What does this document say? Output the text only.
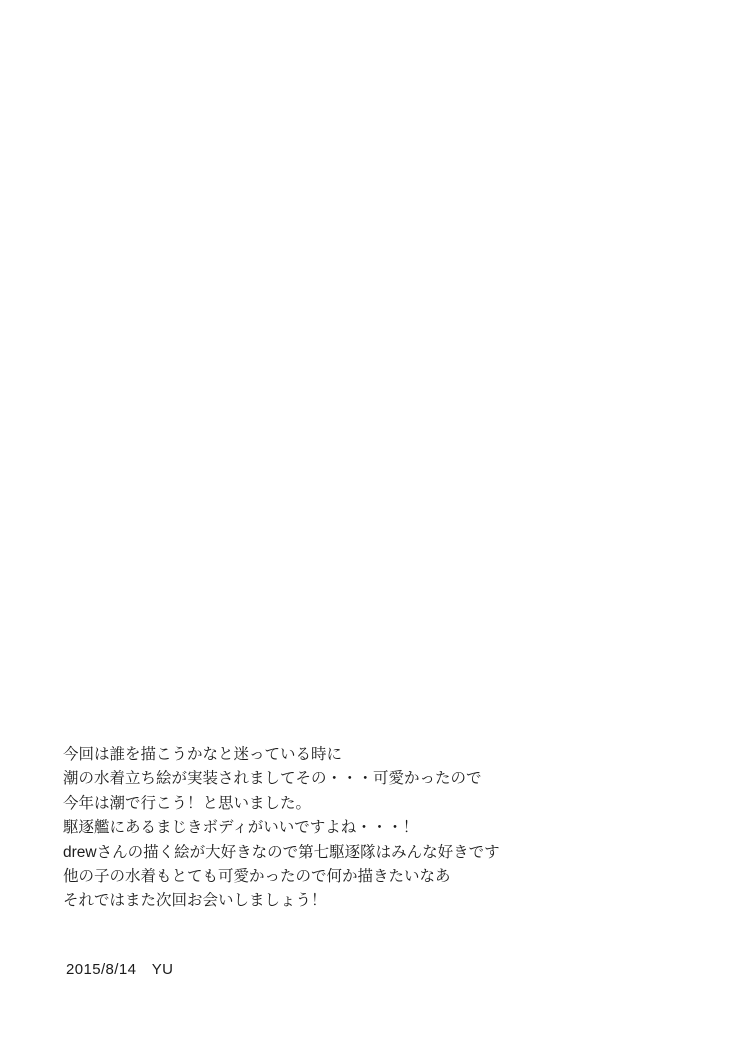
今回は誰を描こうかなと迷っている時に
潮の水着立ち絵が実装されましてその・・・可愛かったので
今年は潮で行こう！と思いました。
駆逐艦にあるまじきボディがいいですよね・・・！
drewさんの描く絵が大好きなので第七駆逐隊はみんな好きです
他の子の水着もとても可愛かったので何か描きたいなあ
それではまた次回お会いしましょう！
2015/8/14　YU
